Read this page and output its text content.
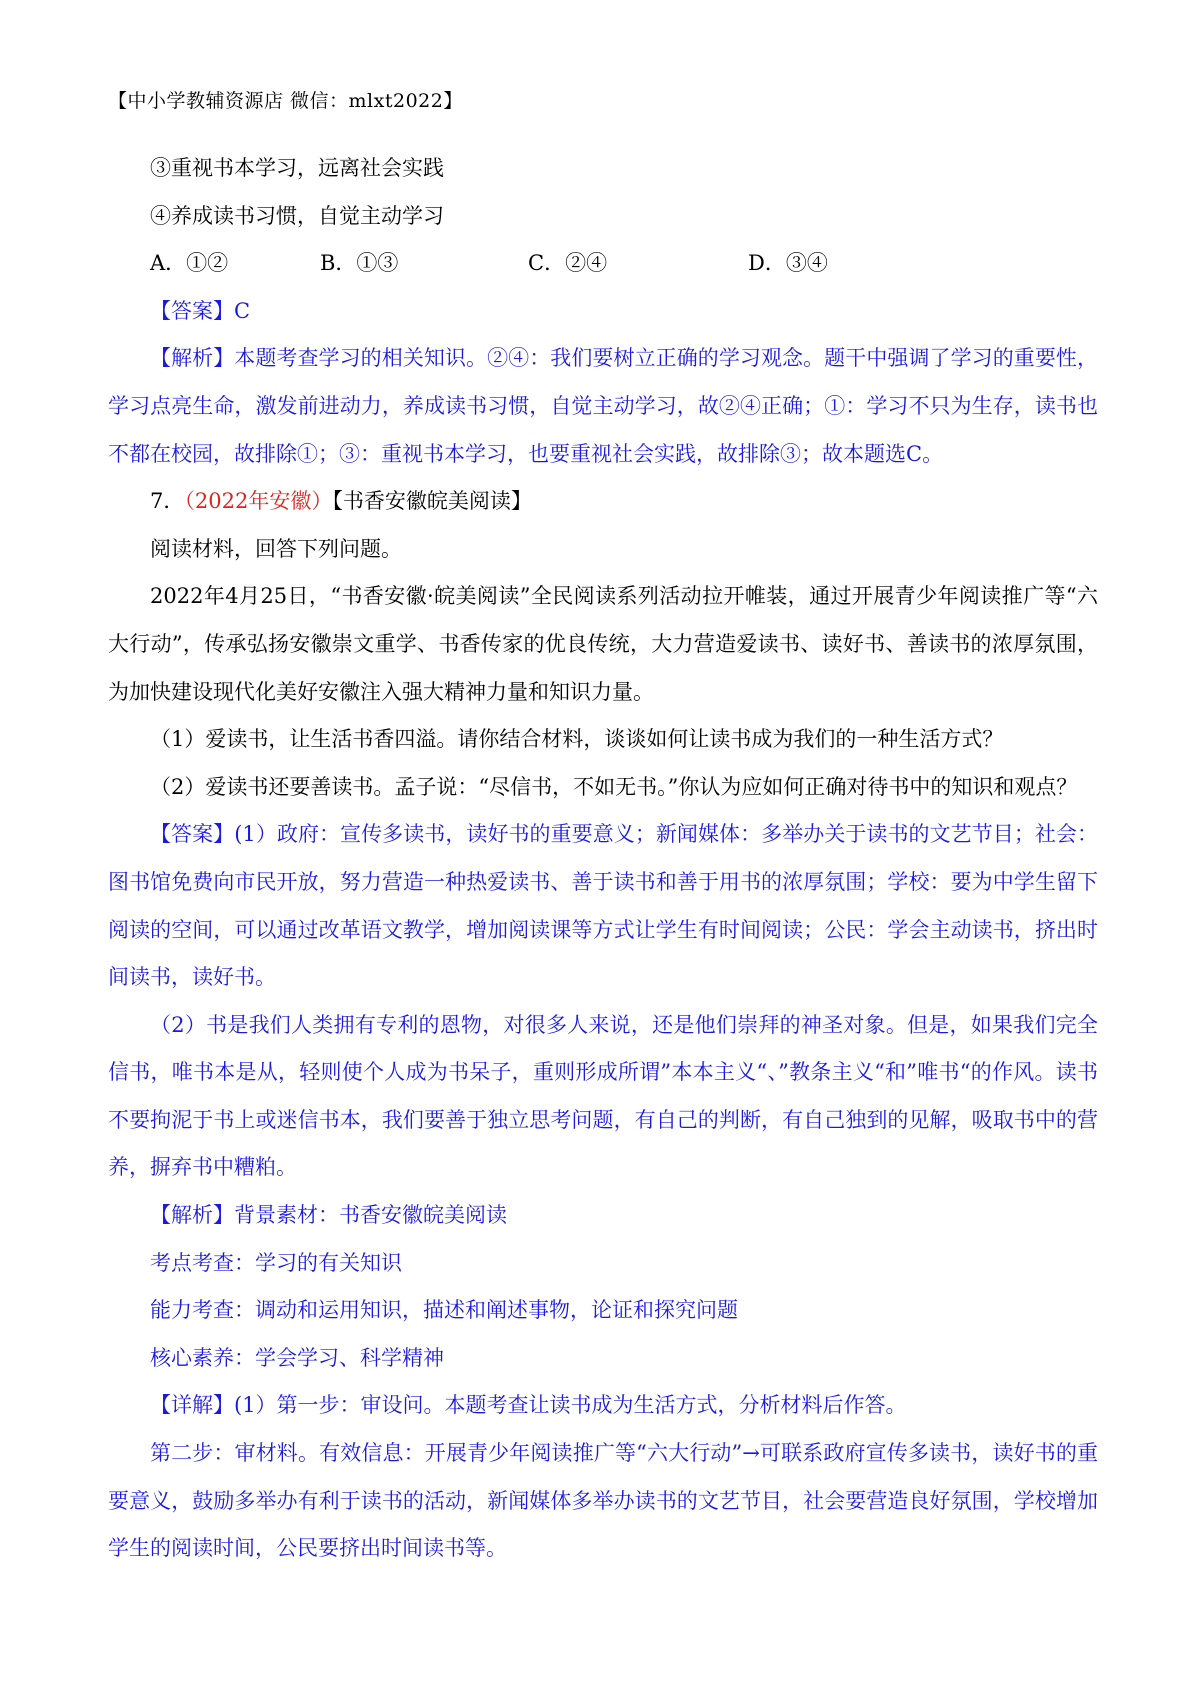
【中小学教辅资源店 微信：mlxt2022】
③重视书本学习，远离社会实践
④养成读书习惯，自觉主动学习
A．①②	B．①③	C．②④	D．③④
【答案】C
【解析】本题考查学习的相关知识。②④：我们要树立正确的学习观念。题干中强调了学习的重要性，学习点亮生命，激发前进动力，养成读书习惯，自觉主动学习，故②④正确；①：学习不只为生存，读书也不都在校园，故排除①；③：重视书本学习，也要重视社会实践，故排除③；故本题选C。
7．（2022年安徽）【书香安徽皖美阅读】
阅读材料，回答下列问题。
2022年4月25日，“书香安徽·皖美阅读”全民阅读系列活动拉开帷装，通过开展青少年阅读推广等“六大行动”，传承弘扬安徽崇文重学、书香传家的优良传统，大力营造爱读书、读好书、善读书的浓厚氛围，为加快建设现代化美好安徽注入强大精神力量和知识力量。
（1）爱读书，让生活书香四溢。请你结合材料，谈谈如何让读书成为我们的一种生活方式？
（2）爱读书还要善读书。孟子说：“尽信书，不如无书。”你认为应如何正确对待书中的知识和观点？
【答案】(1）政府：宣传多读书，读好书的重要意义；新闻媒体：多举办关于读书的文艺节目；社会：图书馆免费向市民开放，努力营造一种热爱读书、善于读书和善于用书的浓厚氛围；学校：要为中学生留下阅读的空间，可以通过改革语文教学，增加阅读课等方式让学生有时间阅读；公民：学会主动读书，挤出时间读书，读好书。
（2）书是我们人类拥有专利的恩物，对很多人来说，还是他们崇拜的神圣对象。但是，如果我们完全信书，唯书本是从，轻则使个人成为书呆子，重则形成所谓”本本主义“、”教条主义“和”唯书“的作风。读书不要拘泥于书上或迷信书本，我们要善于独立思考问题，有自己的判断，有自己独到的见解，吸取书中的营养，摒弃书中糟粕。
【解析】背景素材：书香安徽皖美阅读
考点考查：学习的有关知识
能力考查：调动和运用知识，描述和阐述事物，论证和探究问题
核心素养：学会学习、科学精神
【详解】(1）第一步：审设问。本题考查让读书成为生活方式，分析材料后作答。
第二步：审材料。有效信息：开展青少年阅读推广等“六大行动”→可联系政府宣传多读书，读好书的重要意义，鼓励多举办有利于读书的活动，新闻媒体多举办读书的文艺节目，社会要营造良好氛围，学校增加学生的阅读时间，公民要挤出时间读书等。
